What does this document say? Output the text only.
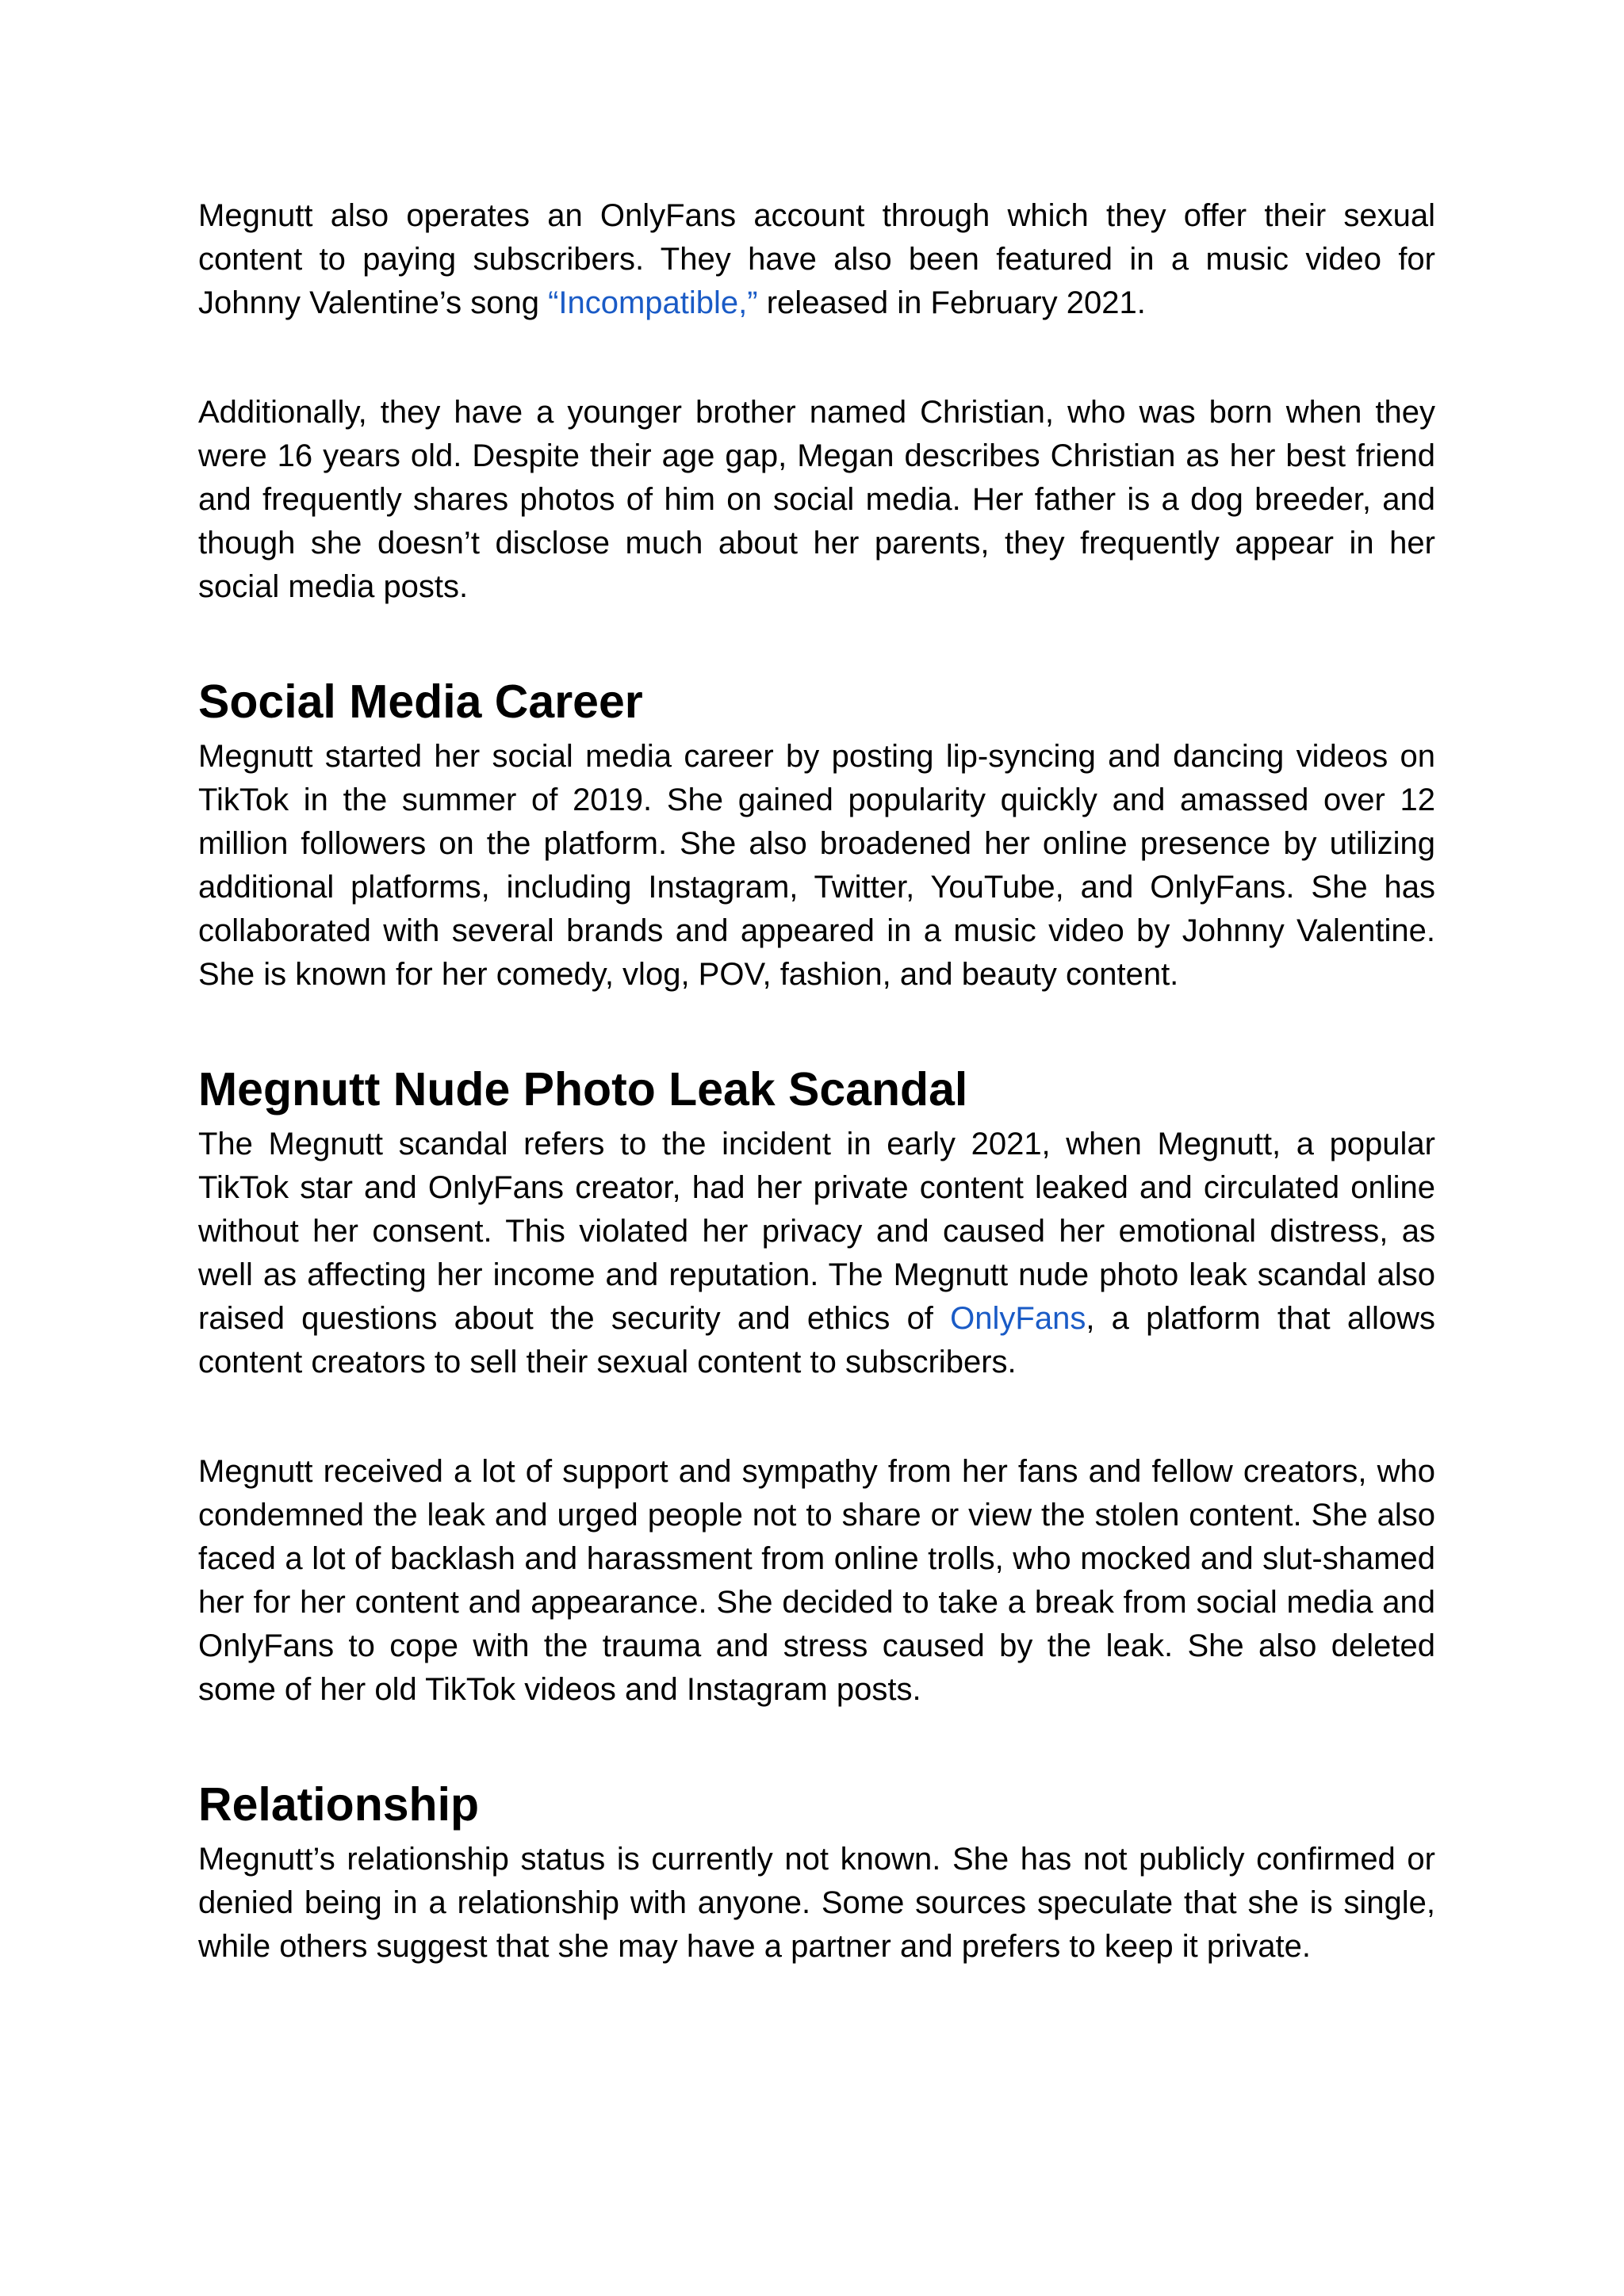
Megnutt also operates an OnlyFans account through which they offer their sexual content to paying subscribers. They have also been featured in a music video for Johnny Valentine’s song “Incompatible,” released in February 2021.

Additionally, they have a younger brother named Christian, who was born when they were 16 years old. Despite their age gap, Megan describes Christian as her best friend and frequently shares photos of him on social media. Her father is a dog breeder, and though she doesn’t disclose much about her parents, they frequently appear in her social media posts.

Social Media Career

Megnutt started her social media career by posting lip-syncing and dancing videos on TikTok in the summer of 2019. She gained popularity quickly and amassed over 12 million followers on the platform. She also broadened her online presence by utilizing additional platforms, including Instagram, Twitter, YouTube, and OnlyFans. She has collaborated with several brands and appeared in a music video by Johnny Valentine. She is known for her comedy, vlog, POV, fashion, and beauty content.

Megnutt Nude Photo Leak Scandal

The Megnutt scandal refers to the incident in early 2021, when Megnutt, a popular TikTok star and OnlyFans creator, had her private content leaked and circulated online without her consent. This violated her privacy and caused her emotional distress, as well as affecting her income and reputation. The Megnutt nude photo leak scandal also raised questions about the security and ethics of OnlyFans, a platform that allows content creators to sell their sexual content to subscribers.

Megnutt received a lot of support and sympathy from her fans and fellow creators, who condemned the leak and urged people not to share or view the stolen content. She also faced a lot of backlash and harassment from online trolls, who mocked and slut-shamed her for her content and appearance. She decided to take a break from social media and OnlyFans to cope with the trauma and stress caused by the leak. She also deleted some of her old TikTok videos and Instagram posts.

Relationship

Megnutt’s relationship status is currently not known. She has not publicly confirmed or denied being in a relationship with anyone. Some sources speculate that she is single, while others suggest that she may have a partner and prefers to keep it private.
